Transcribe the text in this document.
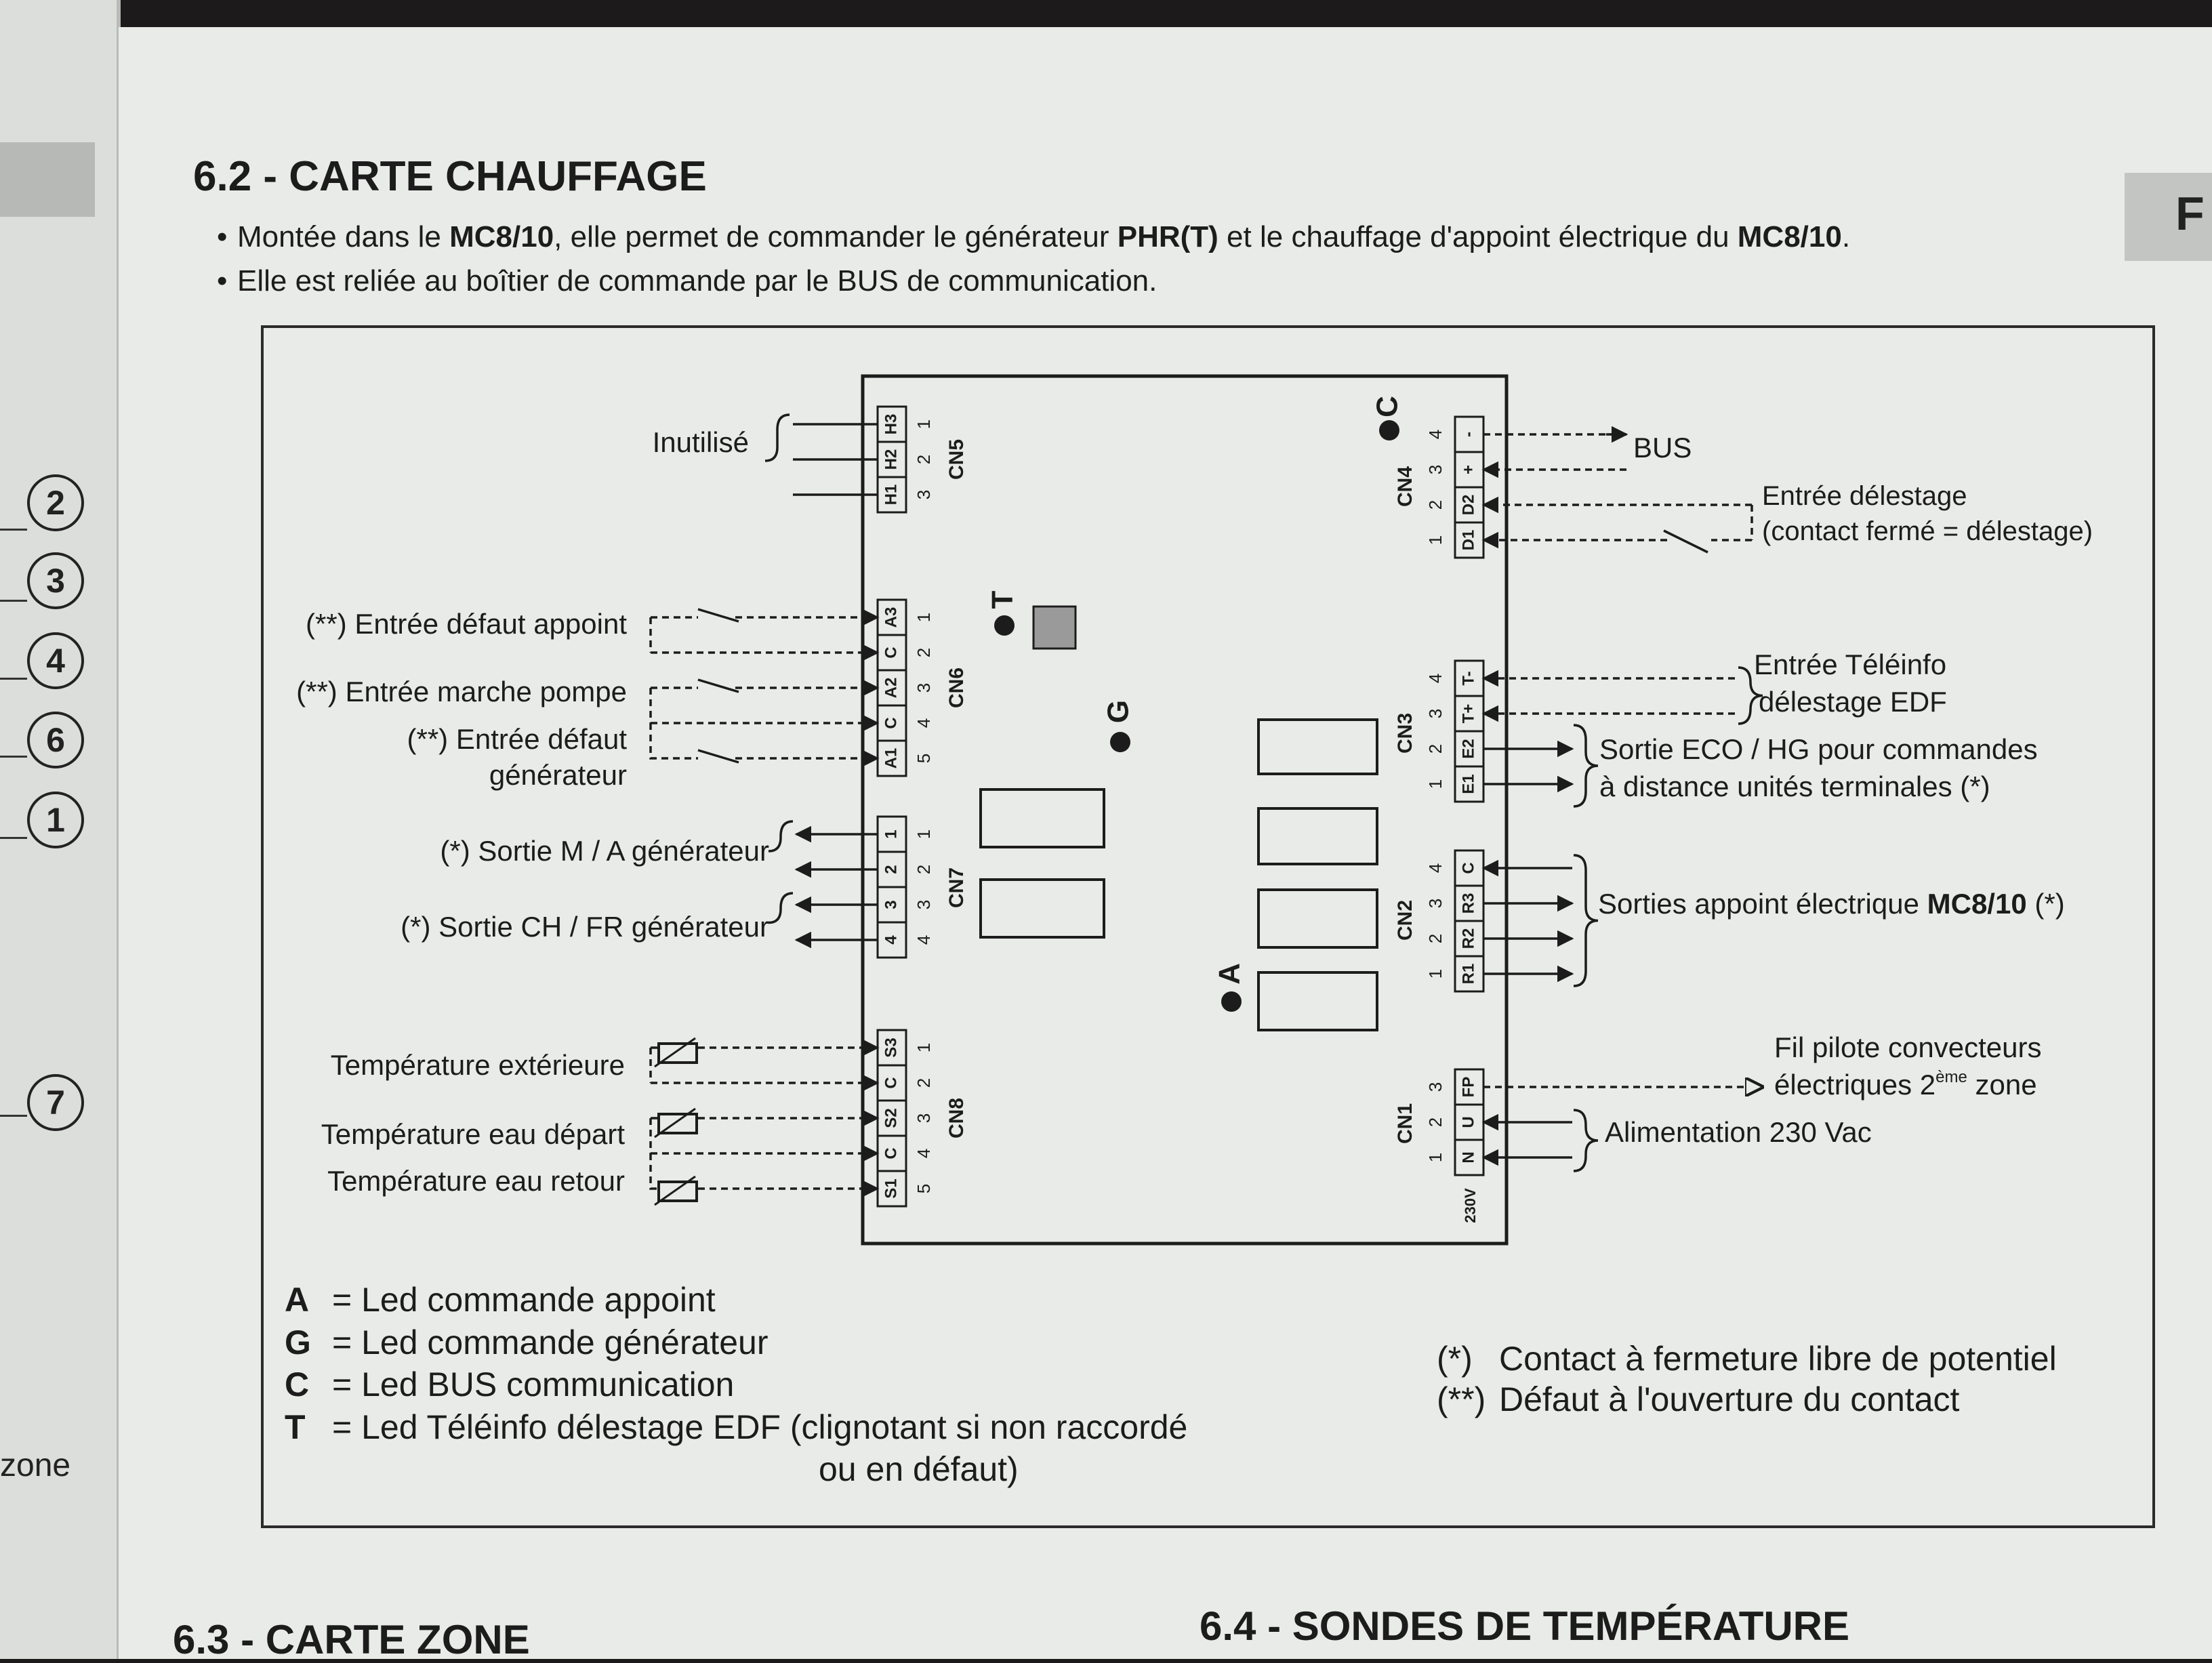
2
3
4
6
1
7
zone
F
6.2 - CARTE CHAUFFAGE
• Montée dans le MC8/10, elle permet de commander le générateur PHR(T) et le chauffage d'appoint électrique du MC8/10.
• Elle est reliée au boîtier de commande par le BUS de communication.
C
T
G
A
H3 1
H2 2
H1 3
CN5
A3 1
C 2
A2 3
C 4
A1 5
CN6
1 1
2 2
3 3
4 4
CN7
S3 1
C 2
S2 3
C 4
S1 5
CN8
-
4
+
3
D2
2
D1
1
CN4
T-
4
T+
3
E2
2
E1
1
CN3
C
4
R3
3
R2
2
R1
1
CN2
FP
3
U
2
N
1
CN1
230V
Inutilisé
(**) Entrée défaut appoint
(**) Entrée marche pompe
(**) Entrée défaut
générateur
(*) Sortie M / A générateur
(*) Sortie CH / FR générateur
Température extérieure
Température eau départ
Température eau retour
BUS
Entrée délestage
(contact fermé = délestage)
Entrée Téléinfo
délestage EDF
Sortie ECO / HG pour commandes
à distance unités terminales (*)
Sorties appoint électrique MC8/10 (*)
Fil pilote convecteurs
électriques 2ème zone
Alimentation 230 Vac
A = Led commande appoint
G = Led commande générateur
C = Led BUS communication
T = Led Téléinfo délestage EDF (clignotant si non raccordé
ou en défaut)
(*) Contact à fermeture libre de potentiel
(**) Défaut à l'ouverture du contact
6.3 - CARTE ZONE	6.4 - SONDES DE TEMPÉRATURE
